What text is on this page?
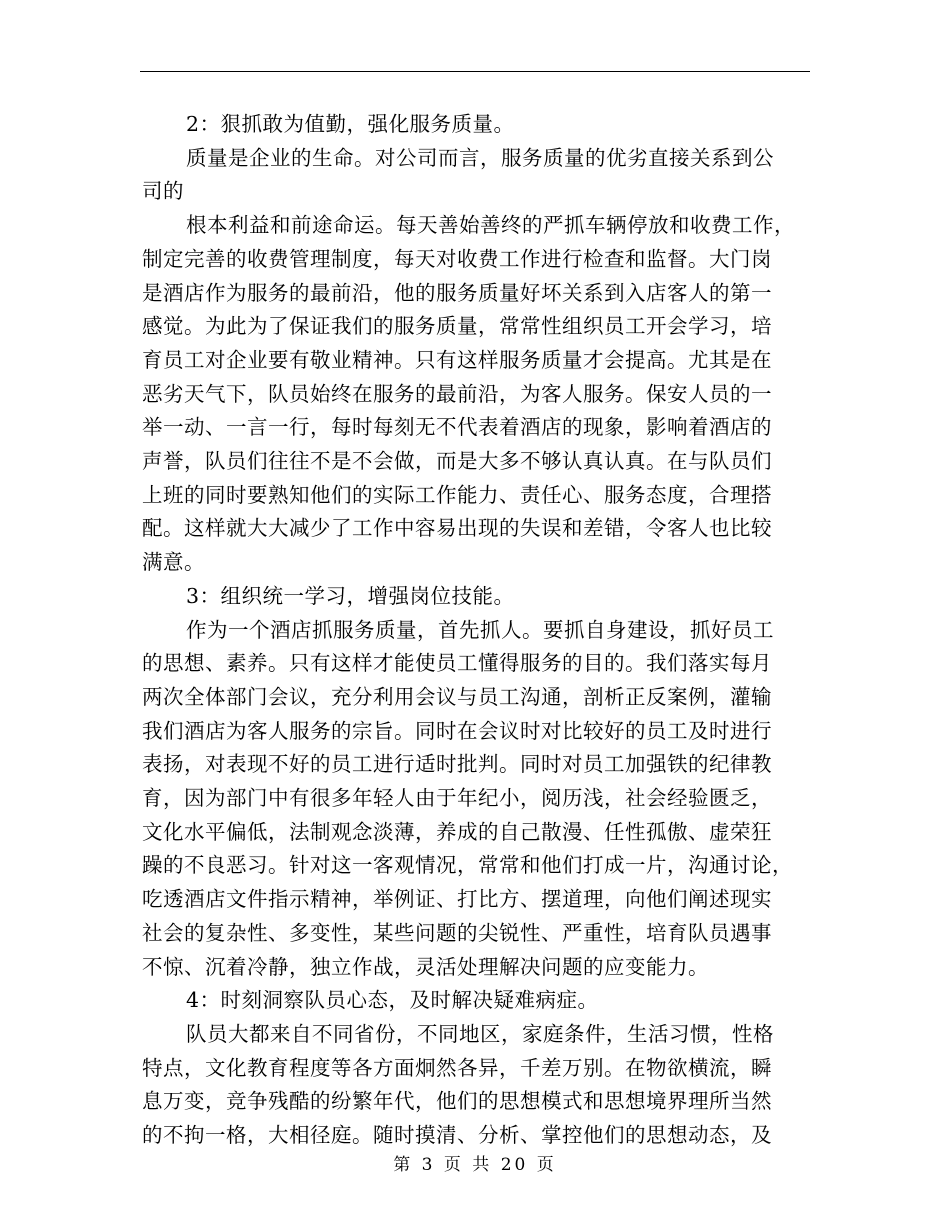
2：狠抓敢为值勤，强化服务质量。

质量是企业的生命。对公司而言，服务质量的优劣直接关系到公

司的

根本利益和前途命运。每天善始善终的严抓车辆停放和收费工作，

制定完善的收费管理制度，每天对收费工作进行检查和监督。大门岗

是酒店作为服务的最前沿，他的服务质量好坏关系到入店客人的第一

感觉。为此为了保证我们的服务质量，常常性组织员工开会学习，培

育员工对企业要有敬业精神。只有这样服务质量才会提高。尤其是在

恶劣天气下，队员始终在服务的最前沿，为客人服务。保安人员的一

举一动、一言一行，每时每刻无不代表着酒店的现象，影响着酒店的

声誉，队员们往往不是不会做，而是大多不够认真认真。在与队员们

上班的同时要熟知他们的实际工作能力、责任心、服务态度，合理搭

配。这样就大大减少了工作中容易出现的失误和差错，令客人也比较

满意。

3：组织统一学习，增强岗位技能。

作为一个酒店抓服务质量，首先抓人。要抓自身建设，抓好员工

的思想、素养。只有这样才能使员工懂得服务的目的。我们落实每月

两次全体部门会议，充分利用会议与员工沟通，剖析正反案例，灌输

我们酒店为客人服务的宗旨。同时在会议时对比较好的员工及时进行

表扬，对表现不好的员工进行适时批判。同时对员工加强铁的纪律教

育，因为部门中有很多年轻人由于年纪小，阅历浅，社会经验匮乏，

文化水平偏低，法制观念淡薄，养成的自己散漫、任性孤傲、虚荣狂

躁的不良恶习。针对这一客观情况，常常和他们打成一片，沟通讨论，

吃透酒店文件指示精神，举例证、打比方、摆道理，向他们阐述现实

社会的复杂性、多变性，某些问题的尖锐性、严重性，培育队员遇事

不惊、沉着冷静，独立作战，灵活处理解决问题的应变能力。

4：时刻洞察队员心态，及时解决疑难病症。

队员大都来自不同省份，不同地区，家庭条件，生活习惯，性格

特点，文化教育程度等各方面炯然各异，千差万别。在物欲横流，瞬

息万变，竞争残酷的纷繁年代，他们的思想模式和思想境界理所当然

的不拘一格，大相径庭。随时摸清、分析、掌控他们的思想动态，及

第 3 页 共 20 页
